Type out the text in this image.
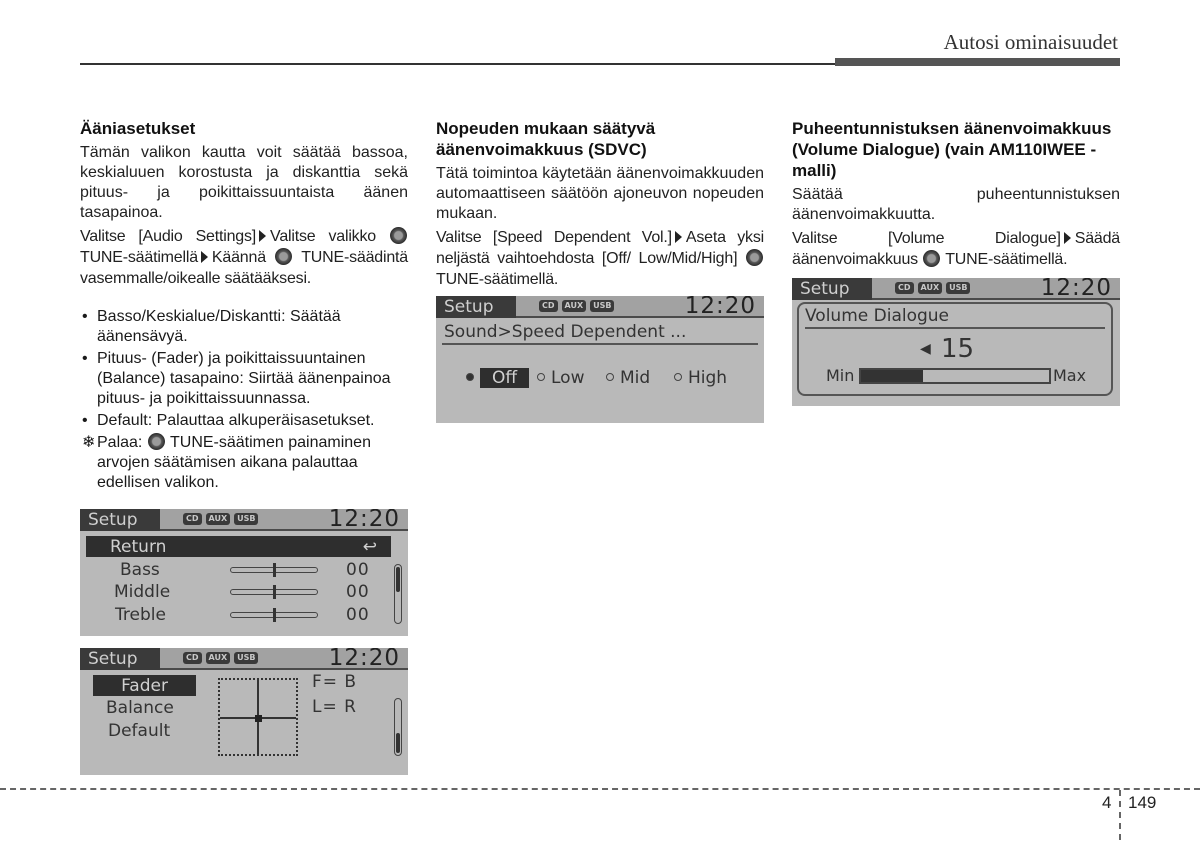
Autosi ominaisuudet
Ääniasetukset

Tämän valikon kautta voit säätää bassoa, keskialuuen korostusta ja diskanttia sekä pituus- ja poikittaissuuntaista äänen tasapainoa.

Valitse [Audio Settings] Valitse valikko  TUNE-säätimellä Käännä TUNE-säädintä vasemmalle/oikealle säätääksesi.

• Basso/Keskialue/Diskantti: Säätää äänensävyä.
• Pituus- (Fader) ja poikittaissuuntainen (Balance) tasapaino: Siirtää äänenpainoa pituus- ja poikittaissuunnassa.
• Default: Palauttaa alkuperäisasetukset.
❄ Palaa: TUNE-säätimen painaminen arvojen säätämisen aikana palauttaa edellisen valikon.
Setup	CD	AUX	USB	12:20
Return	↩
Bass	00
Middle	00
Treble	00
Setup	CD	AUX	USB	12:20
Fader
Balance
Default
F= B
L= R
Nopeuden mukaan säätyvä äänenvoimakkuus (SDVC)

Tätä toimintoa käytetään äänenvoimakkuuden automaattiseen säätöön ajoneuvon nopeuden mukaan.

Valitse [Speed Dependent Vol.] Aseta yksi neljästä vaihtoehdosta [Off/ Low/Mid/High]  TUNE-säätimellä.

Setup	CD	AUX	USB	12:20
Sound>Speed Dependent ...
Off	Low	Mid	High
Puheentunnistuksen äänenvoimakkuus (Volume Dialogue) (vain AM110IWEE -malli)

Säätää puheentunnistuksen äänenvoimakkuutta.

Valitse [Volume Dialogue] Säädä äänenvoimakkuus TUNE-säätimellä.

Setup	CD	AUX	USB	12:20
Volume Dialogue
◀ 15
Min	Max
4 149
